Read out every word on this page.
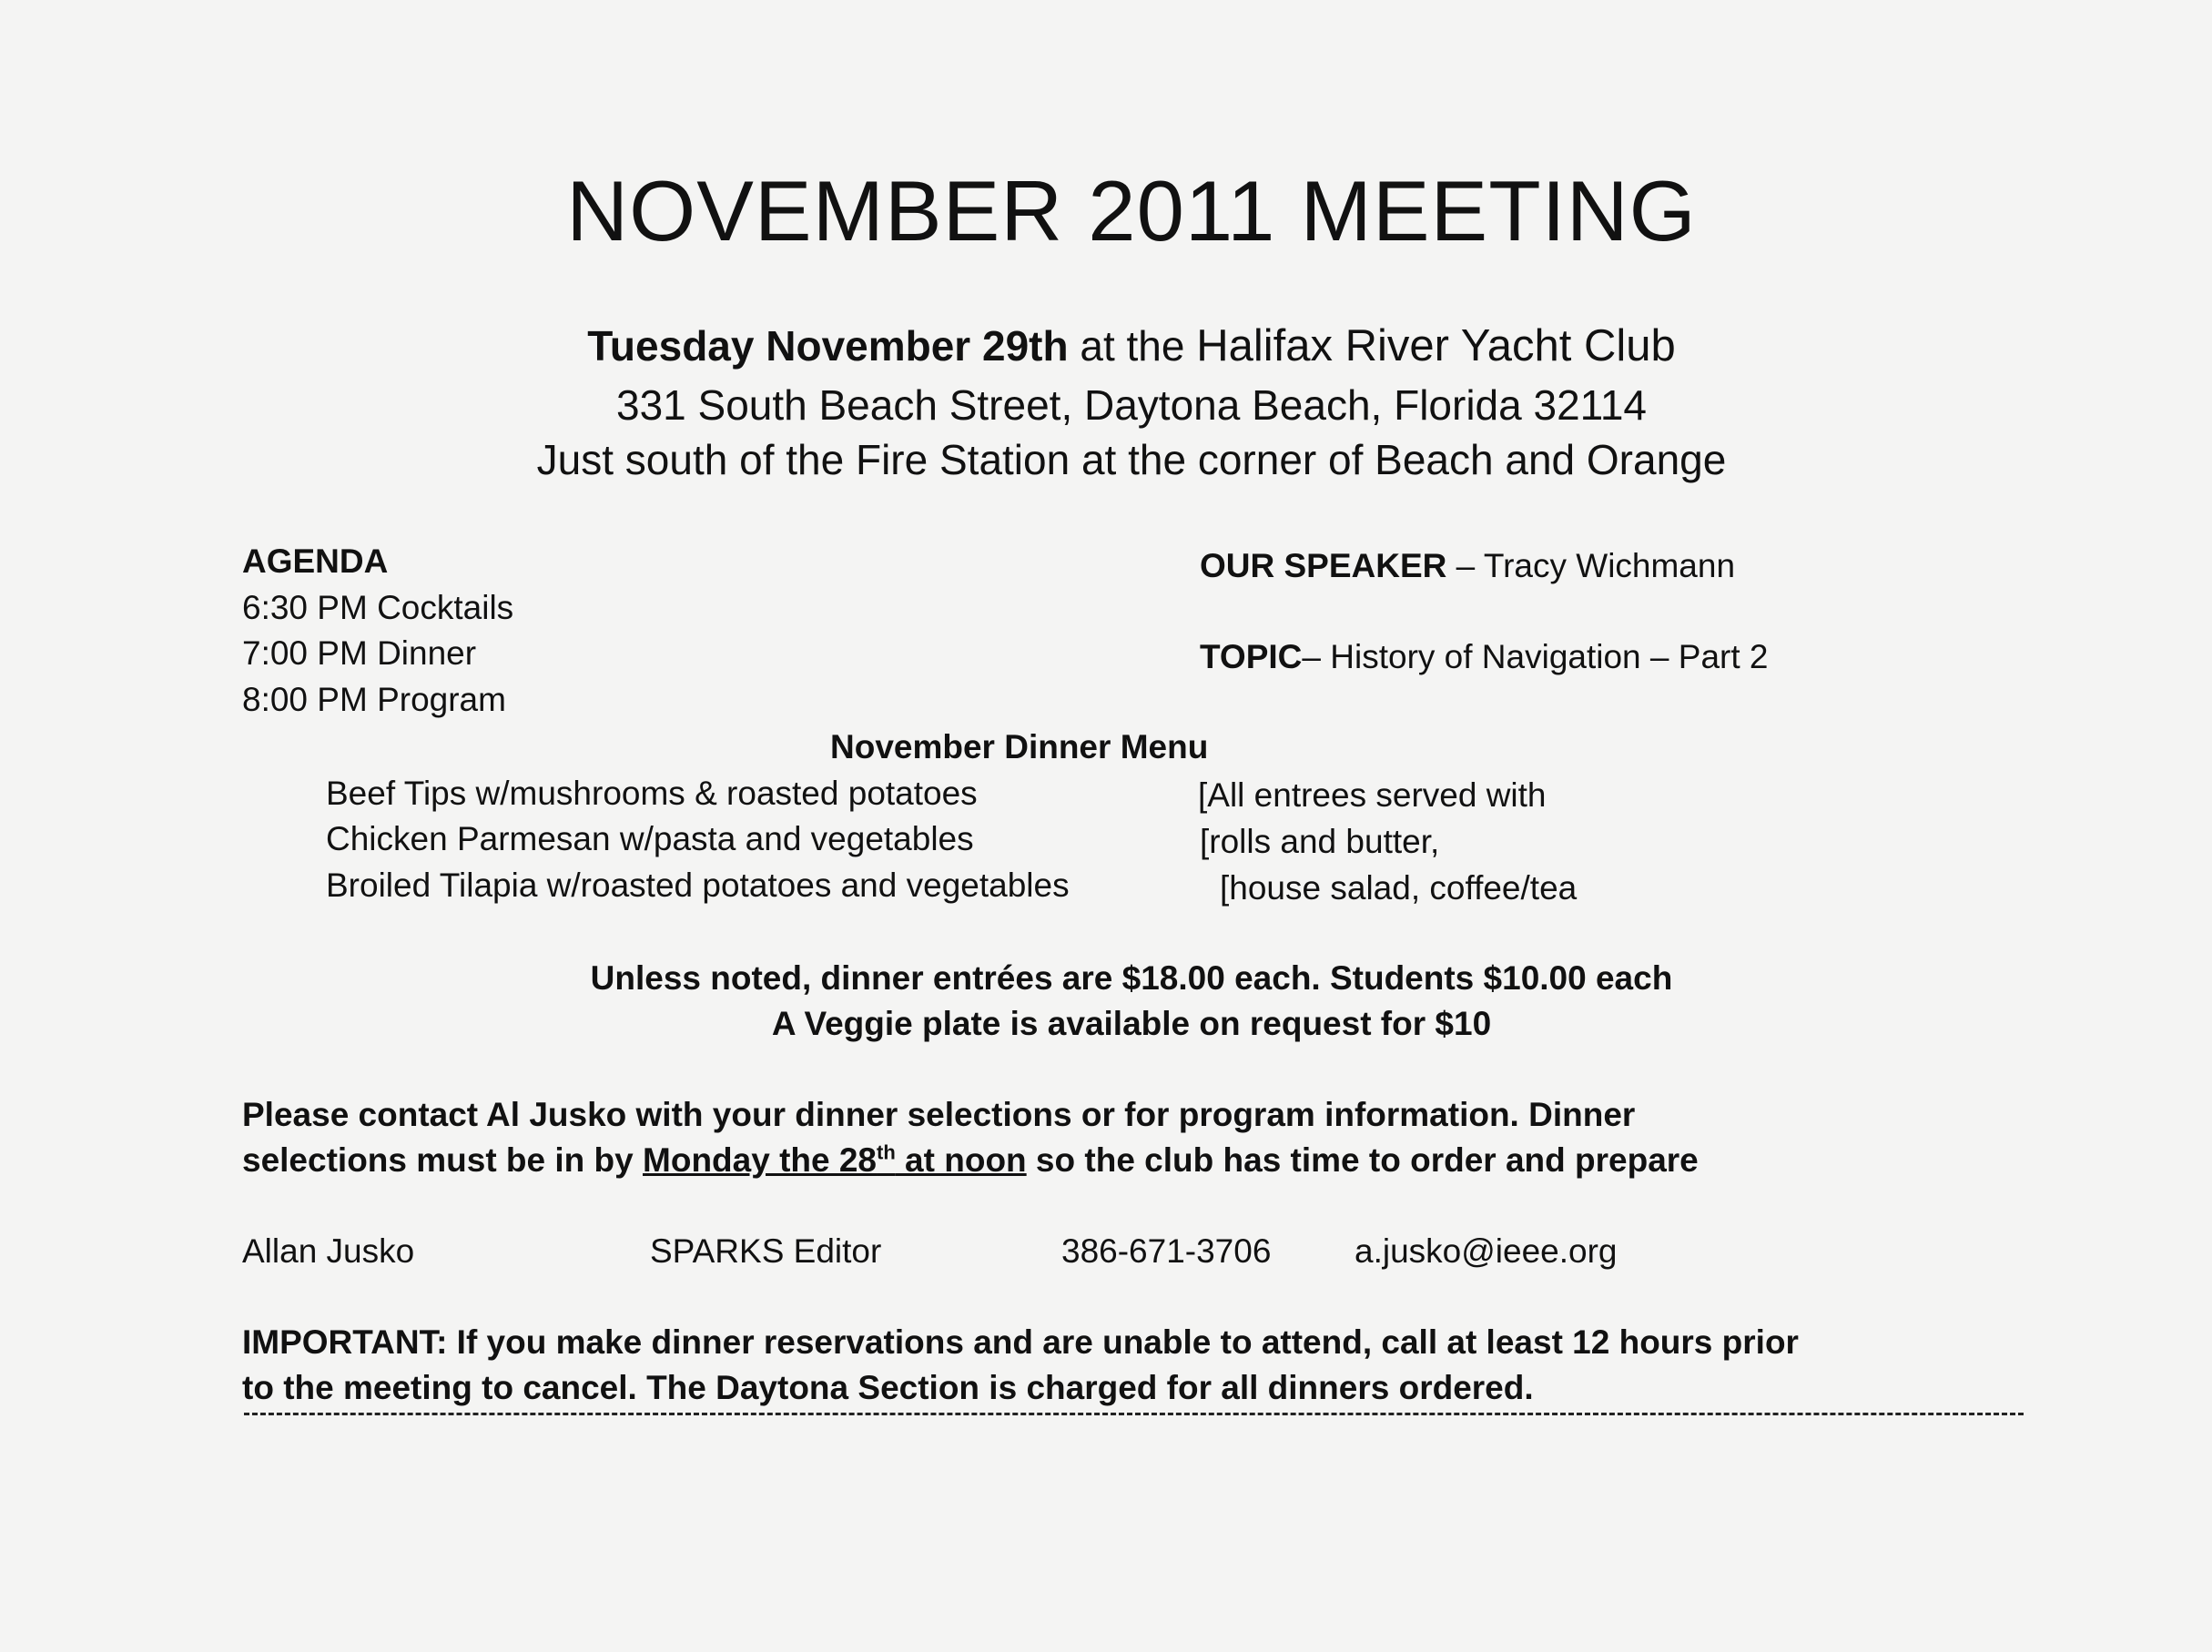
NOVEMBER 2011 MEETING
Tuesday November 29th at the Halifax River Yacht Club
331 South Beach Street, Daytona Beach, Florida 32114
Just south of the Fire Station at the corner of Beach and Orange
AGENDA
6:30 PM Cocktails
7:00 PM Dinner
8:00 PM Program
OUR SPEAKER – Tracy Wichmann
TOPIC– History of Navigation – Part 2
November Dinner Menu
Beef Tips w/mushrooms & roasted potatoes
Chicken Parmesan w/pasta and vegetables
Broiled Tilapia w/roasted potatoes and vegetables
[All entrees served with
[rolls and butter,
[house salad, coffee/tea
Unless noted, dinner entrées are $18.00 each. Students $10.00 each
A Veggie plate is available on request for $10
Please contact Al Jusko with your dinner selections or for program information. Dinner
selections must be in by Monday the 28th at noon so the club has time to order and prepare
Allan Jusko	SPARKS Editor	386-671-3706 a.jusko@ieee.org
IMPORTANT: If you make dinner reservations and are unable to attend, call at least 12 hours prior
to the meeting to cancel. The Daytona Section is charged for all dinners ordered.
